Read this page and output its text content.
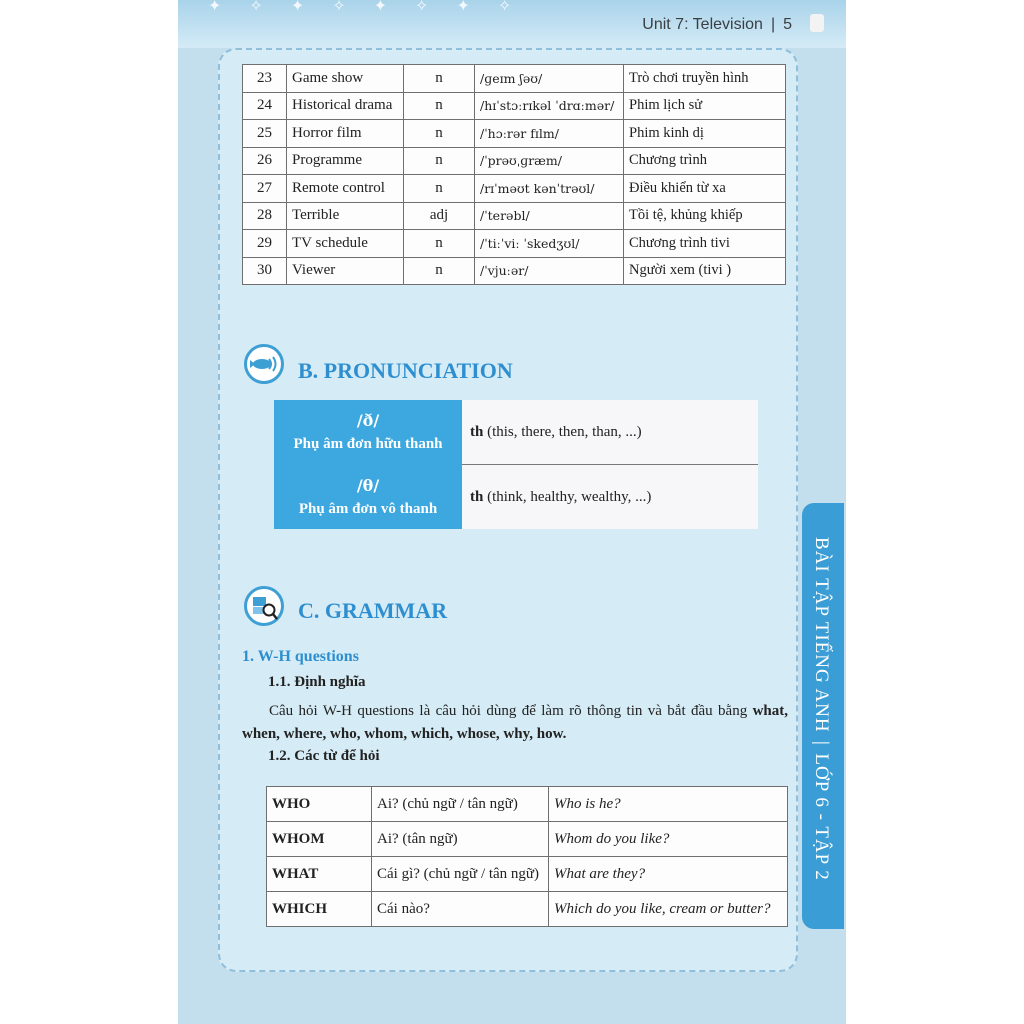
✦✧✦✧✦✧✦✧
Unit 7: Television | 5
23	Game show	n	/ɡeɪm ʃəʊ/	Trò chơi truyền hình
24	Historical drama	n	/hɪˈstɔːrɪkəl ˈdrɑːmər/	Phim lịch sử
25	Horror film	n	/ˈhɔːrər fɪlm/	Phim kinh dị
26	Programme	n	/ˈprəʊˌɡræm/	Chương trình
27	Remote control	n	/rɪˈməʊt kənˈtrəʊl/	Điều khiển từ xa
28	Terrible	adj	/ˈterəbl/	Tồi tệ, khủng khiếp
29	TV schedule	n	/ˈtiːˈviː ˈskedʒʊl/	Chương trình tivi
30	Viewer	n	/ˈvjuːər/	Người xem (tivi )
B. PRONUNCIATION
/ð/
Phụ âm đơn hữu thanh	th (this, there, then, than, ...)

/θ/
Phụ âm đơn vô thanh	th (think, healthy, wealthy, ...)
C. GRAMMAR
1. W-H questions
1.1. Định nghĩa
Câu hỏi W-H questions là câu hỏi dùng để làm rõ thông tin và bắt đầu bằng what, when, where, who, whom, which, whose, why, how.
1.2. Các từ để hỏi
WHO	Ai? (chủ ngữ / tân ngữ)	Who is he?
WHOM	Ai? (tân ngữ)	Whom do you like?
WHAT	Cái gì? (chủ ngữ / tân ngữ)	What are they?
WHICH	Cái nào?	Which do you like, cream or butter?
BÀI TẬP TIẾNG ANH|LỚP 6 - TẬP 2
